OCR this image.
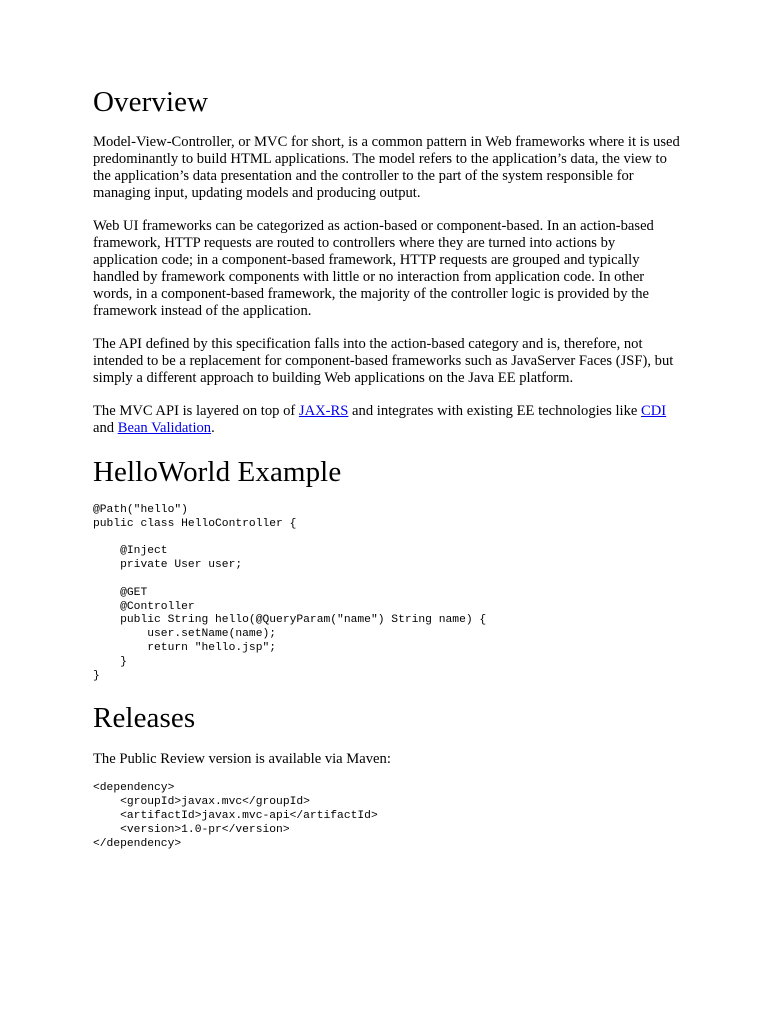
Overview

Model-View-Controller, or MVC for short, is a common pattern in Web frameworks where it is used predominantly to build HTML applications. The model refers to the application’s data, the view to the application’s data presentation and the controller to the part of the system responsible for managing input, updating models and producing output.

Web UI frameworks can be categorized as action-based or component-based. In an action-based framework, HTTP requests are routed to controllers where they are turned into actions by application code; in a component-based framework, HTTP requests are grouped and typically handled by framework components with little or no interaction from application code. In other words, in a component-based framework, the majority of the controller logic is provided by the framework instead of the application.

The API defined by this specification falls into the action-based category and is, therefore, not intended to be a replacement for component-based frameworks such as JavaServer Faces (JSF), but simply a different approach to building Web applications on the Java EE platform.

The MVC API is layered on top of JAX-RS and integrates with existing EE technologies like CDI and Bean Validation.

HelloWorld Example
@Path("hello")
public class HelloController {

@Inject
private User user;

@GET
@Controller
public String hello(@QueryParam("name") String name) {
user.setName(name);
return "hello.jsp";
}
}
Releases

The Public Review version is available via Maven:

<dependency>
<groupId>javax.mvc</groupId>
<artifactId>javax.mvc-api</artifactId>
<version>1.0-pr</version>
</dependency>
